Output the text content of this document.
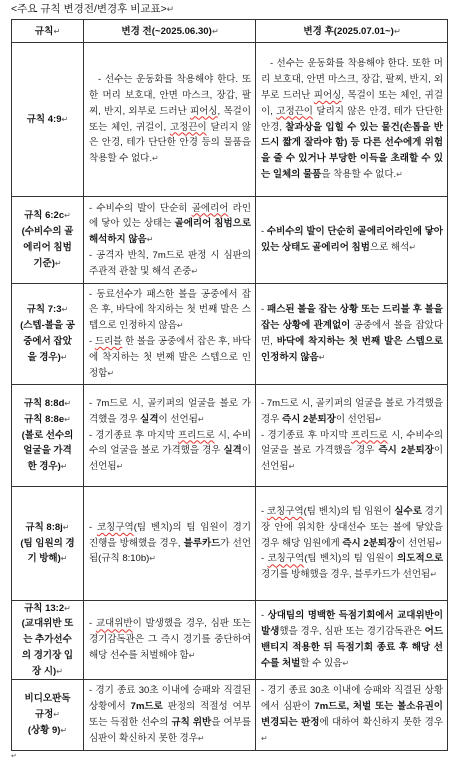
<주요 규칙 변경전/변경후 비교표>↵

규칙↵	변경 전(~2025.06.30)↵	변경 후(2025.07.01~)↵

규칙 4:9↵

- 선수는 운동화를 착용해야 한다. 또한 머리 보호대, 안면 마스크, 장갑, 팔찌, 반지, 외부로 드러난 피어싱, 목걸이 또는 체인, 귀걸이, 고정끈이 달리지 않은 안경, 테가 단단한 안경 등의 물품을 착용할 수 없다.↵

- 선수는 운동화를 착용해야 한다. 또한 머리 보호대, 안면 마스크, 장갑, 팔찌, 반지, 외부로 드러난 피어싱, 목걸이 또는 체인, 귀걸이, 고정끈이 달리지 않은 안경, 테가 단단한 안경, 찰과상을 입힐 수 있는 물건(손톱을 반드시 짧게 잘라야 함) 등 다른 선수에게 위험을 줄 수 있거나 부당한 이득을 초래할 수 있는 일체의 물품을 착용할 수 없다.↵

규칙 6:2c↵

(수비수의 골에리어 침범 기준)↵

- 수비수의 발이 단순히 골에리어 라인에 닿아 있는 상태는 골에리어 침범으로 해석하지 않음↵

- 공격자 반칙, 7m드로 판정 시 심판의 주관적 관찰 및 해석 존중↵

- 수비수의 발이 단순히 골에리어라인에 닿아 있는 상태도 골에리어 침범으로 해석↵

규칙 7:3↵

(스텝-볼을 공중에서 잡았을 경우)↵

- 동료선수가 패스한 볼을 공중에서 잡은 후, 바닥에 착지하는 첫 번째 발은 스텝으로 인정하지 않음↵

- 드리블 한 볼을 공중에서 잡은 후, 바닥에 착지하는 첫 번째 발은 스텝으로 인정함↵

- 패스된 볼을 잡는 상황 또는 드리블 후 볼을 잡는 상황에 관계없이 공중에서 볼을 잡았다면, 바닥에 착지하는 첫 번째 발은 스텝으로 인정하지 않음↵

규칙 8:8d↵

규칙 8:8e↵

(볼로 선수의 얼굴을 가격한 경우)↵

- 7m드로 시, 골키퍼의 얼굴을 볼로 가격했을 경우 실격이 선언됨↵

- 경기종료 후 마지막 프리드로 시, 수비수의 얼굴을 볼로 가격했을 경우 실격이 선언됨↵

- 7m드로 시, 골키퍼의 얼굴을 볼로 가격했을 경우 즉시 2분퇴장이 선언됨↵

- 경기종료 후 마지막 프리드로 시, 수비수의 얼굴을 볼로 가격했을 경우 즉시 2분퇴장이 선언됨↵

규칙 8:8j↵

(팀 임원의 경기 방해)↵

- 코칭구역(팀 벤치)의 팀 임원이 경기 진행을 방해했을 경우, 블루카드가 선언됨(규칙 8:10b)↵

- 코칭구역(팀 벤치)의 팀 임원이 실수로 경기장 안에 위치한 상대선수 또는 볼에 닿았을 경우 해당 임원에게 즉시 2분퇴장이 선언됨↵

- 코칭구역(팀 벤치)의 팀 임원이 의도적으로 경기를 방해했을 경우, 블루카드가 선언됨↵

규칙 13:2↵

(교대위반 또는 추가선수의 경기장 입장 시)↵

- 교대위반이 발생했을 경우, 심판 또는 경기감독관은 그 즉시 경기를 중단하여 해당 선수를 처벌해야 함↵

- 상대팀의 명백한 득점기회에서 교대위반이 발생했을 경우, 심판 또는 경기감독관은 어드밴티지 적용한 뒤 득점기회 종료 후 해당 선수를 처벌할 수 있음↵

비디오판독 규정↵

(상황 9)↵

- 경기 종료 30초 이내에 승패와 직결된 상황에서 7m드로 판정의 적절성 여부 또는 득점한 선수의 규칙 위반을 여부를 심판이 확신하지 못한 경우↵

- 경기 종료 30초 이내에 승패와 직결된 상황에서 심판이 7m드로, 처벌 또는 볼소유권이 변경되는 판정에 대하여 확신하지 못한 경우↵

↵
